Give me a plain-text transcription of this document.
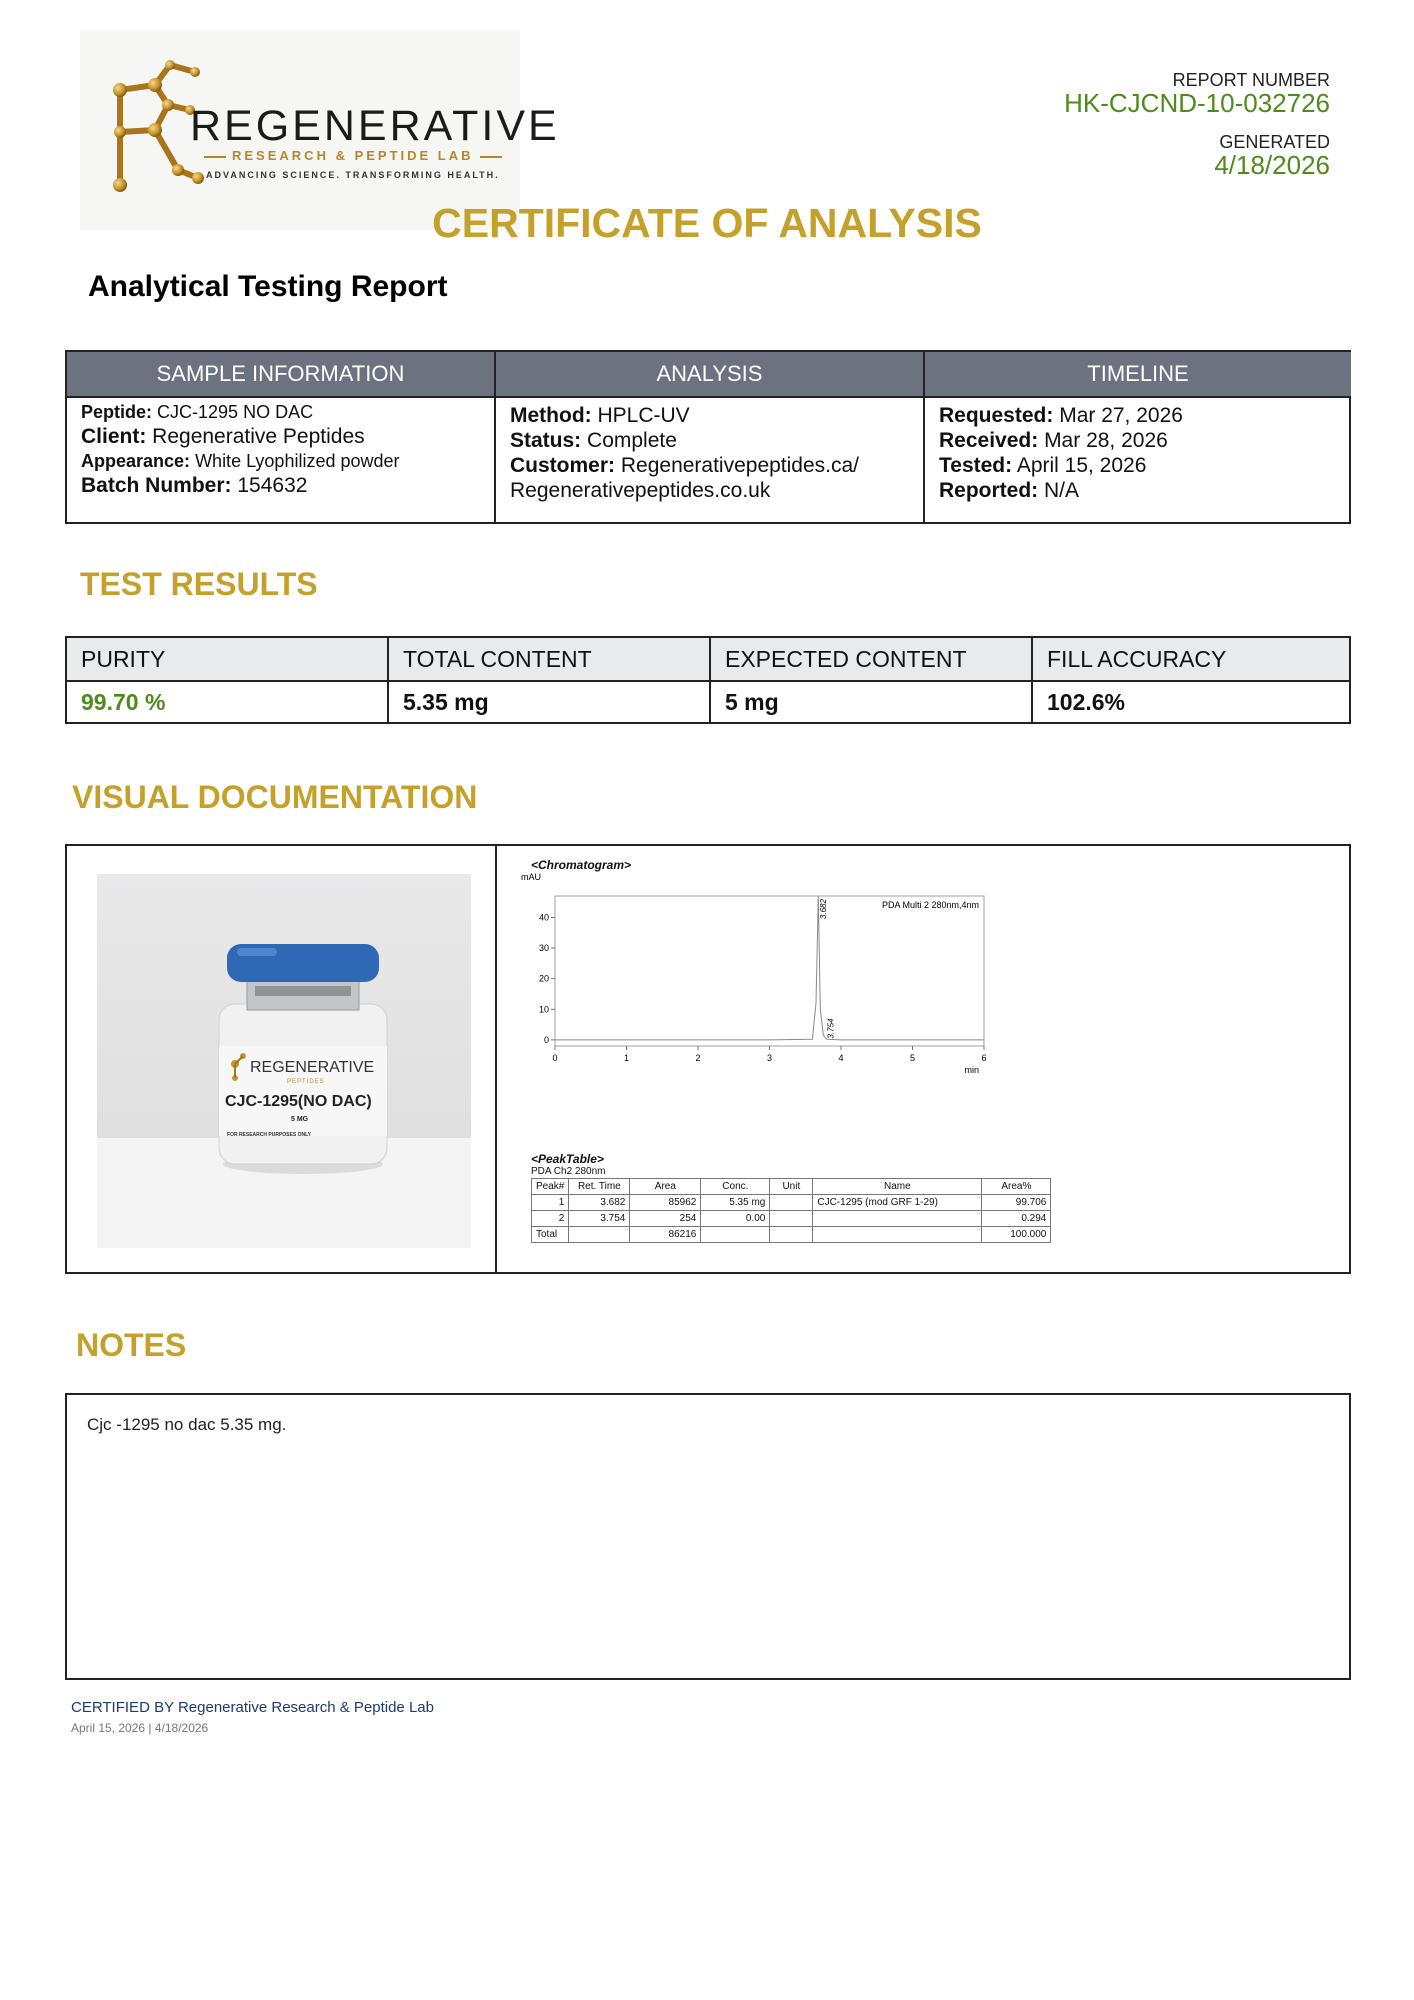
REGENERATIVE
RESEARCH & PEPTIDE LAB
ADVANCING SCIENCE. TRANSFORMING HEALTH.
REPORT NUMBER
HK-CJCND-10-032726
GENERATED
4/18/2026
CERTIFICATE OF ANALYSIS
Analytical Testing Report
SAMPLE INFORMATION	ANALYSIS	TIMELINE
Peptide: CJC-1295 NO DAC
Client: Regenerative Peptides
Appearance: White Lyophilized powder
Batch Number: 154632
Method: HPLC-UV
Status: Complete
Customer: Regenerativepeptides.ca/
Regenerativepeptides.co.uk
Requested: Mar 27, 2026
Received: Mar 28, 2026
Tested: April 15, 2026
Reported: N/A
TEST RESULTS
PURITY	TOTAL CONTENT	EXPECTED CONTENT	FILL ACCURACY
99.70 %	5.35 mg	5 mg	102.6%
VISUAL DOCUMENTATION
REGENERATIVE
PEPTIDES
CJC-1295(NO DAC)
5 MG
FOR RESEARCH PURPOSES ONLY
<Chromatogram>
mAU
PDA Multi 2 280nm,4nm
min
0
10
20
30
40
0	1	2	3	4	5	6
3.682
3.754
<PeakTable>
PDA Ch2 280nm
Peak#	Ret. Time	Area	Conc.	Unit	Name	Area%
1	3.682	85962	5.35 mg		CJC-1295 (mod GRF 1-29)	99.706
2	3.754	254	0.00			0.294
Total		86216				100.000
NOTES
Cjc -1295 no dac 5.35 mg.
CERTIFIED BY Regenerative Research & Peptide Lab
April 15, 2026 | 4/18/2026
